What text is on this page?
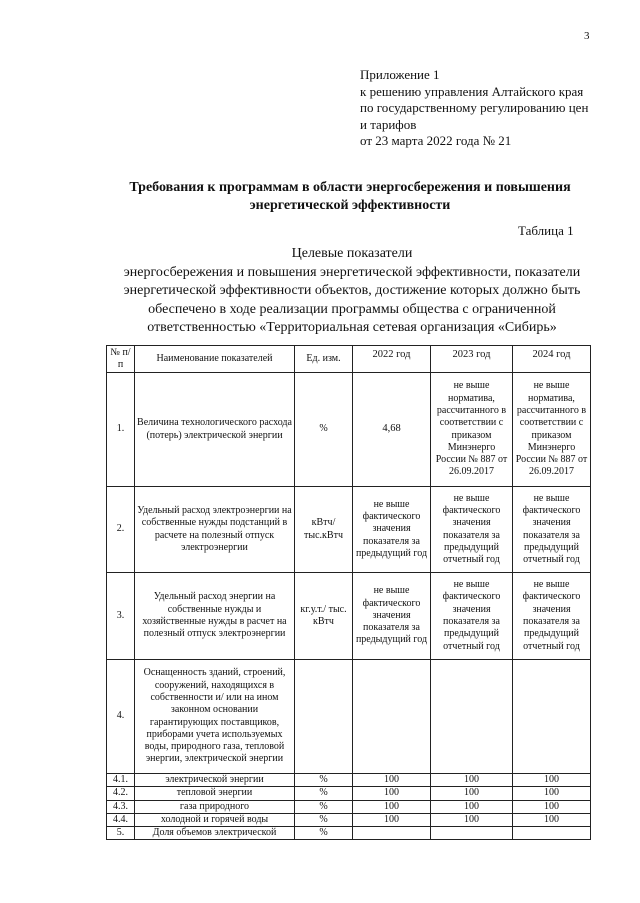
3
Приложение 1
к решению управления Алтайского края
по государственному регулированию цен
и тарифов
от 23 марта 2022 года № 21
Требования к программам в области энергосбережения и повышения
энергетической эффективности
Таблица 1
Целевые показатели
энергосбережения и повышения энергетической эффективности, показатели
энергетической эффективности объектов, достижение которых должно быть
обеспечено в ходе реализации программы общества с ограниченной
ответственностью «Территориальная сетевая организация «Сибирь»
№ п/п	Наименование показателей	Ед. изм.	2022 год	2023 год	2024 год
1.	Величина технологического расхода (потерь) электрической энергии	%	4,68	не выше норматива, рассчитанного в соответствии с приказом Минэнерго России № 887 от 26.09.2017	не выше норматива, рассчитанного в соответствии с приказом Минэнерго России № 887 от 26.09.2017
2.	Удельный расход электроэнергии на собственные нужды подстанций в расчете на полезный отпуск электроэнергии	кВтч/ тыс.кВтч	не выше фактического значения показателя за предыдущий год	не выше фактического значения показателя за предыдущий отчетный год	не выше фактического значения показателя за предыдущий отчетный год
3.	Удельный расход энергии на собственные нужды и хозяйственные нужды в расчет на полезный отпуск электроэнергии	кг.у.т./ тыс. кВтч	не выше фактического значения показателя за предыдущий год	не выше фактического значения показателя за предыдущий отчетный год	не выше фактического значения показателя за предыдущий отчетный год
4.	Оснащенность зданий, строений, сооружений, находящихся в собственности и/ или на ином законном основании гарантирующих поставщиков, приборами учета используемых воды, природного газа, тепловой энергии, электрической энергии				
4.1.	электрической энергии	%	100	100	100
4.2.	тепловой энергии	%	100	100	100
4.3.	газа природного	%	100	100	100
4.4.	холодной и горячей воды	%	100	100	100
5.	Доля объемов электрической	%			
